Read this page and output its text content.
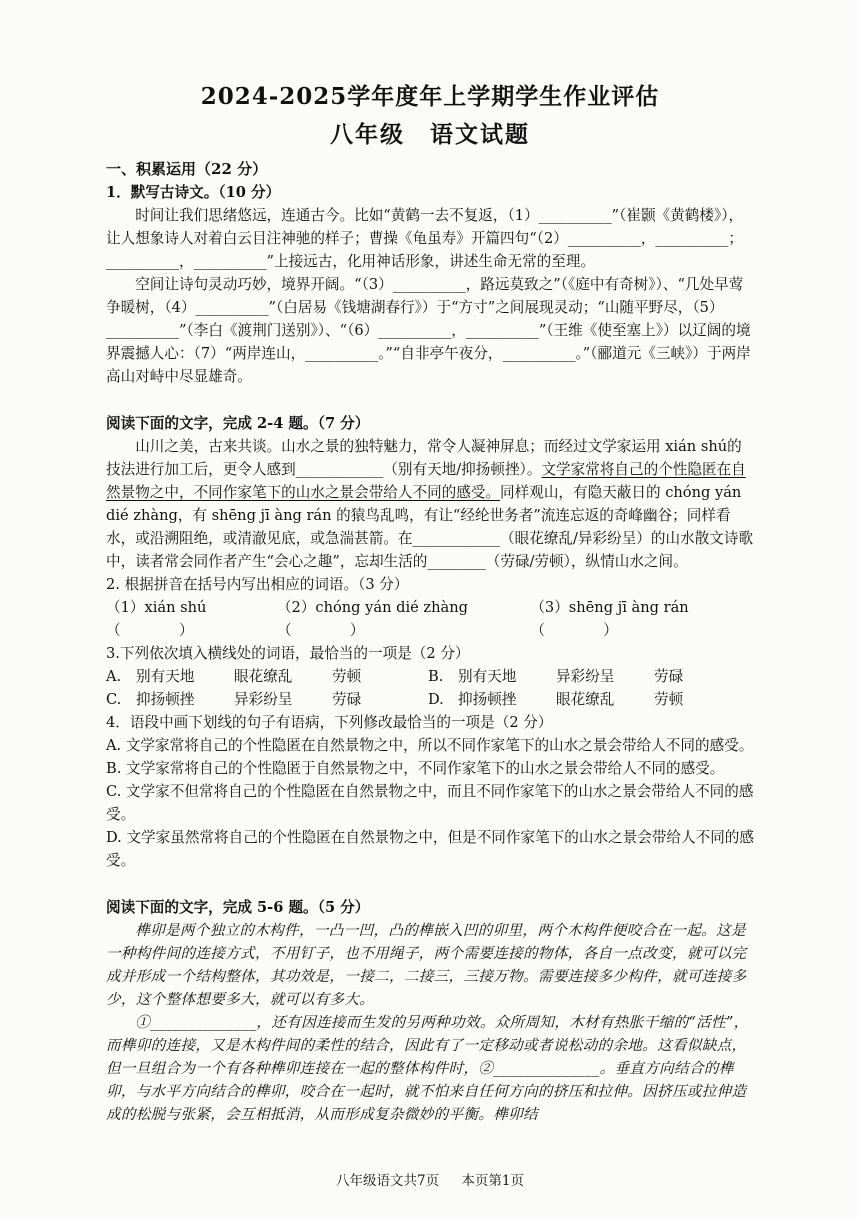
2024-2025学年度年上学期学生作业评估
八年级　语文试题

一、积累运用（22 分）

1．默写古诗文。（10 分）

时间让我们思绪悠远，连通古今。比如“黄鹤一去不复返，（1）__________”（崔颢《黄鹤楼》），让人想象诗人对着白云目注神驰的样子；曹操《龟虽寿》开篇四句“（2）__________，__________；__________，__________”上接远古，化用神话形象，讲述生命无常的至理。

空间让诗句灵动巧妙，境界开阔。“（3）__________，路远莫致之”（《庭中有奇树》）、“几处早莺争暖树，（4）__________”（白居易《钱塘湖春行》）于“方寸”之间展现灵动；“山随平野尽，（5）__________”（李白《渡荆门送别》）、“（6）__________，__________”（王维《使至塞上》）以辽阔的境界震撼人心：（7）“两岸连山，__________。”“自非亭午夜分，__________。”（郦道元《三峡》）于两岸高山对峙中尽显雄奇。

阅读下面的文字，完成 2-4 题。（7 分）

山川之美，古来共谈。山水之景的独特魅力，常令人凝神屏息；而经过文学家运用 xián shú的技法进行加工后，更令人感到____________（别有天地/抑扬顿挫）。文学家常将自己的个性隐匿在自然景物之中，不同作家笔下的山水之景会带给人不同的感受。同样观山，有隐天蔽日的 chóng yán dié zhàng，有 shēng jī àng rán 的猿鸟乱鸣，有让“经纶世务者”流连忘返的奇峰幽谷；同样看水，或沿溯阻绝，或清澈见底，或急湍甚箭。在____________（眼花缭乱/异彩纷呈）的山水散文诗歌中，读者常会同作者产生“会心之趣”，忘却生活的________（劳碌/劳顿），纵情山水之间。

2. 根据拼音在括号内写出相应的词语。（3 分）

（1）xián shú（　　　　）
（2）chóng yán dié zhàng（　　　　）
（3）shēng jī àng rán（　　　　）

3.下列依次填入横线处的词语，最恰当的一项是（2 分）

A. 别有天地	眼花缭乱	劳顿	B. 别有天地	异彩纷呈	劳碌
C. 抑扬顿挫	异彩纷呈	劳碌	D. 抑扬顿挫	眼花缭乱	劳顿

4．语段中画下划线的句子有语病，下列修改最恰当的一项是（2 分）

A. 文学家常将自己的个性隐匿在自然景物之中，所以不同作家笔下的山水之景会带给人不同的感受。

B. 文学家常将自己的个性隐匿于自然景物之中，不同作家笔下的山水之景会带给人不同的感受。

C. 文学家不但常将自己的个性隐匿在自然景物之中，而且不同作家笔下的山水之景会带给人不同的感受。

D. 文学家虽然常将自己的个性隐匿在自然景物之中，但是不同作家笔下的山水之景会带给人不同的感受。

阅读下面的文字，完成 5-6 题。（5 分）

榫卯是两个独立的木构件，一凸一凹，凸的榫嵌入凹的卯里，两个木构件便咬合在一起。这是一种构件间的连接方式，不用钉子，也不用绳子，两个需要连接的物体，各自一点改变，就可以完成并形成一个结构整体，其功效是，一接二，二接三，三接万物。需要连接多少构件，就可连接多少，这个整体想要多大，就可以有多大。

①______________，还有因连接而生发的另两种功效。众所周知，木材有热胀干缩的“活性”，而榫卯的连接，又是木构件间的柔性的结合，因此有了一定移动或者说松动的余地。这看似缺点，但一旦组合为一个有各种榫卯连接在一起的整体构件时，②______________。垂直方向结合的榫卯，与水平方向结合的榫卯，咬合在一起时，就不怕来自任何方向的挤压和拉伸。因挤压或拉伸造成的松脱与张紧，会互相抵消，从而形成复杂微妙的平衡。榫卯结

八年级语文共7页 本页第1页
